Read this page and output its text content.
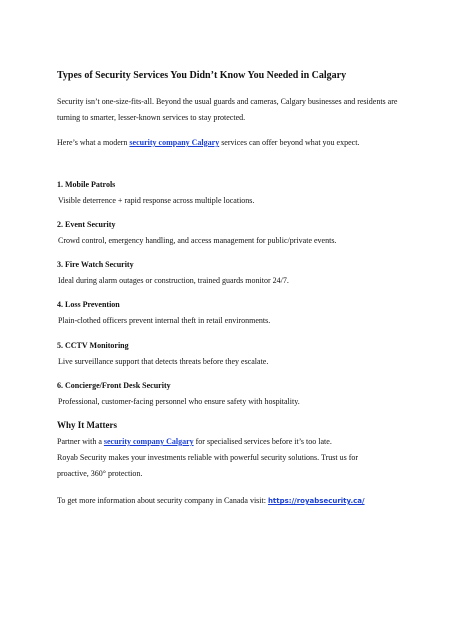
Types of Security Services You Didn’t Know You Needed in Calgary

Security isn’t one-size-fits-all. Beyond the usual guards and cameras, Calgary businesses and residents are turning to smarter, lesser-known services to stay protected.

Here’s what a modern security company Calgary services can offer beyond what you expect.

1. Mobile Patrols
Visible deterrence + rapid response across multiple locations.
2. Event Security
Crowd control, emergency handling, and access management for public/private events.
3. Fire Watch Security
Ideal during alarm outages or construction, trained guards monitor 24/7.
4. Loss Prevention
Plain-clothed officers prevent internal theft in retail environments.
5. CCTV Monitoring
Live surveillance support that detects threats before they escalate.
6. Concierge/Front Desk Security
Professional, customer-facing personnel who ensure safety with hospitality.
Why It Matters

Partner with a security company Calgary for specialised services before it’s too late.

Royab Security makes your investments reliable with powerful security solutions. Trust us for proactive, 360° protection.

To get more information about security company in Canada visit: https://royabsecurity.ca/
